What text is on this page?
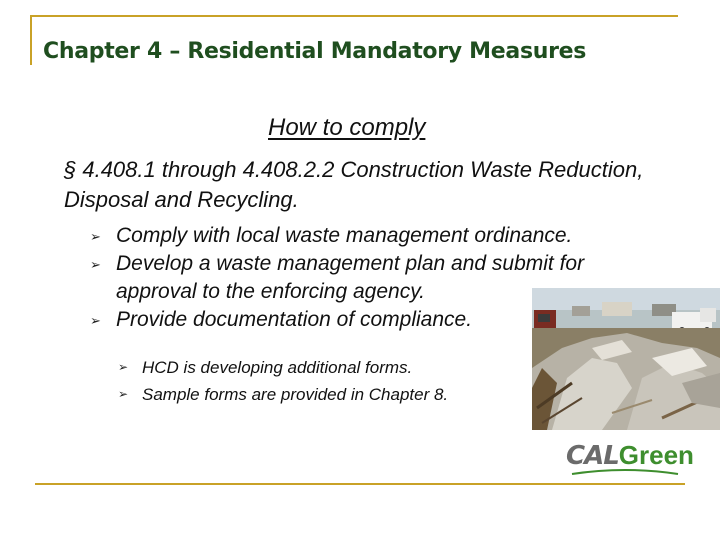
Chapter 4 – Residential Mandatory Measures
How to comply
§ 4.408.1 through 4.408.2.2 Construction Waste Reduction, Disposal and Recycling.
➢ Comply with local waste management ordinance.
➢ Develop a waste management plan and submit for approval to the enforcing agency.
➢ Provide documentation of compliance.
➢ HCD is developing additional forms.
➢ Sample forms are provided in Chapter 8.
CALGreen
